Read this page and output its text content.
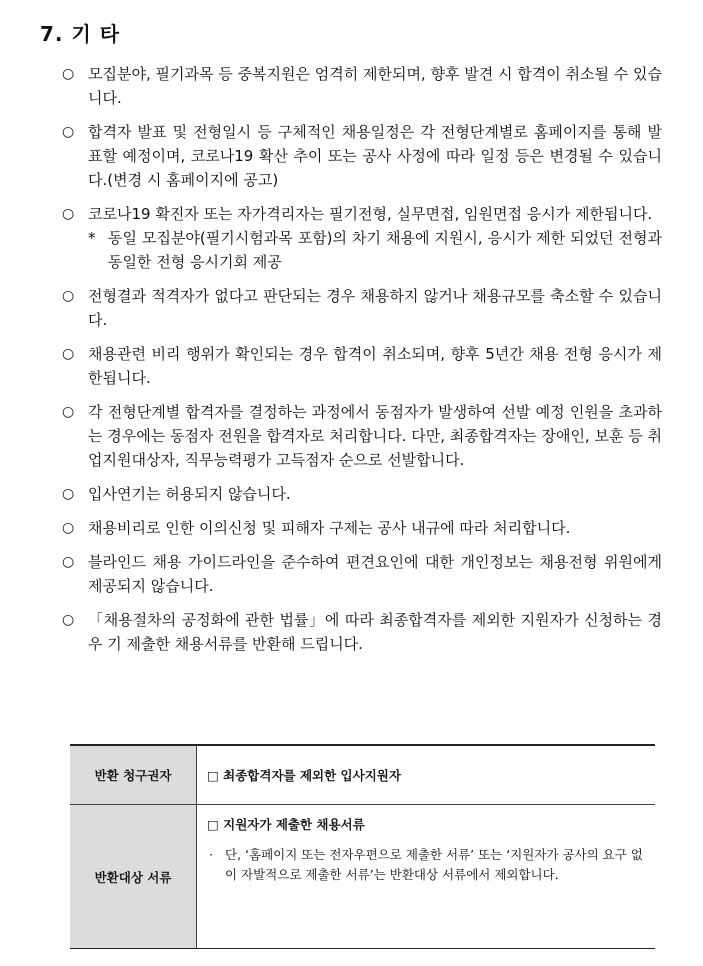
7. 기 타
○ 모집분야, 필기과목 등 중복지원은 엄격히 제한되며, 향후 발견 시 합격이 취소될 수 있습니다.
○ 합격자 발표 및 전형일시 등 구체적인 채용일정은 각 전형단계별로 홈페이지를 통해 발표할 예정이며, 코로나19 확산 추이 또는 공사 사정에 따라 일정 등은 변경될 수 있습니다.(변경 시 홈페이지에 공고)
○ 코로나19 확진자 또는 자가격리자는 필기전형, 실무면접, 임원면접 응시가 제한됩니다.
* 동일 모집분야(필기시험과목 포함)의 차기 채용에 지원시, 응시가 제한 되었던 전형과 동일한 전형 응시기회 제공
○ 전형결과 적격자가 없다고 판단되는 경우 채용하지 않거나 채용규모를 축소할 수 있습니다.
○ 채용관련 비리 행위가 확인되는 경우 합격이 취소되며, 향후 5년간 채용 전형 응시가 제한됩니다.
○ 각 전형단계별 합격자를 결정하는 과정에서 동점자가 발생하여 선발 예정 인원을 초과하는 경우에는 동점자 전원을 합격자로 처리합니다. 다만, 최종합격자는 장애인, 보훈 등 취업지원대상자, 직무능력평가 고득점자 순으로 선발합니다.
○ 입사연기는 허용되지 않습니다.
○ 채용비리로 인한 이의신청 및 피해자 구제는 공사 내규에 따라 처리합니다.
○ 블라인드 채용 가이드라인을 준수하여 편견요인에 대한 개인정보는 채용전형 위원에게 제공되지 않습니다.
○ 「채용절차의 공정화에 관한 법률」에 따라 최종합격자를 제외한 지원자가 신청하는 경우 기 제출한 채용서류를 반환해 드립니다.
반환 청구권자	□ 최종합격자를 제외한 입사지원자
반환대상 서류	□ 지원자가 제출한 채용서류
· 단, ‘홈페이지 또는 전자우편으로 제출한 서류’ 또는 ‘지원자가 공사의 요구 없이 자발적으로 제출한 서류’는 반환대상 서류에서 제외합니다.
